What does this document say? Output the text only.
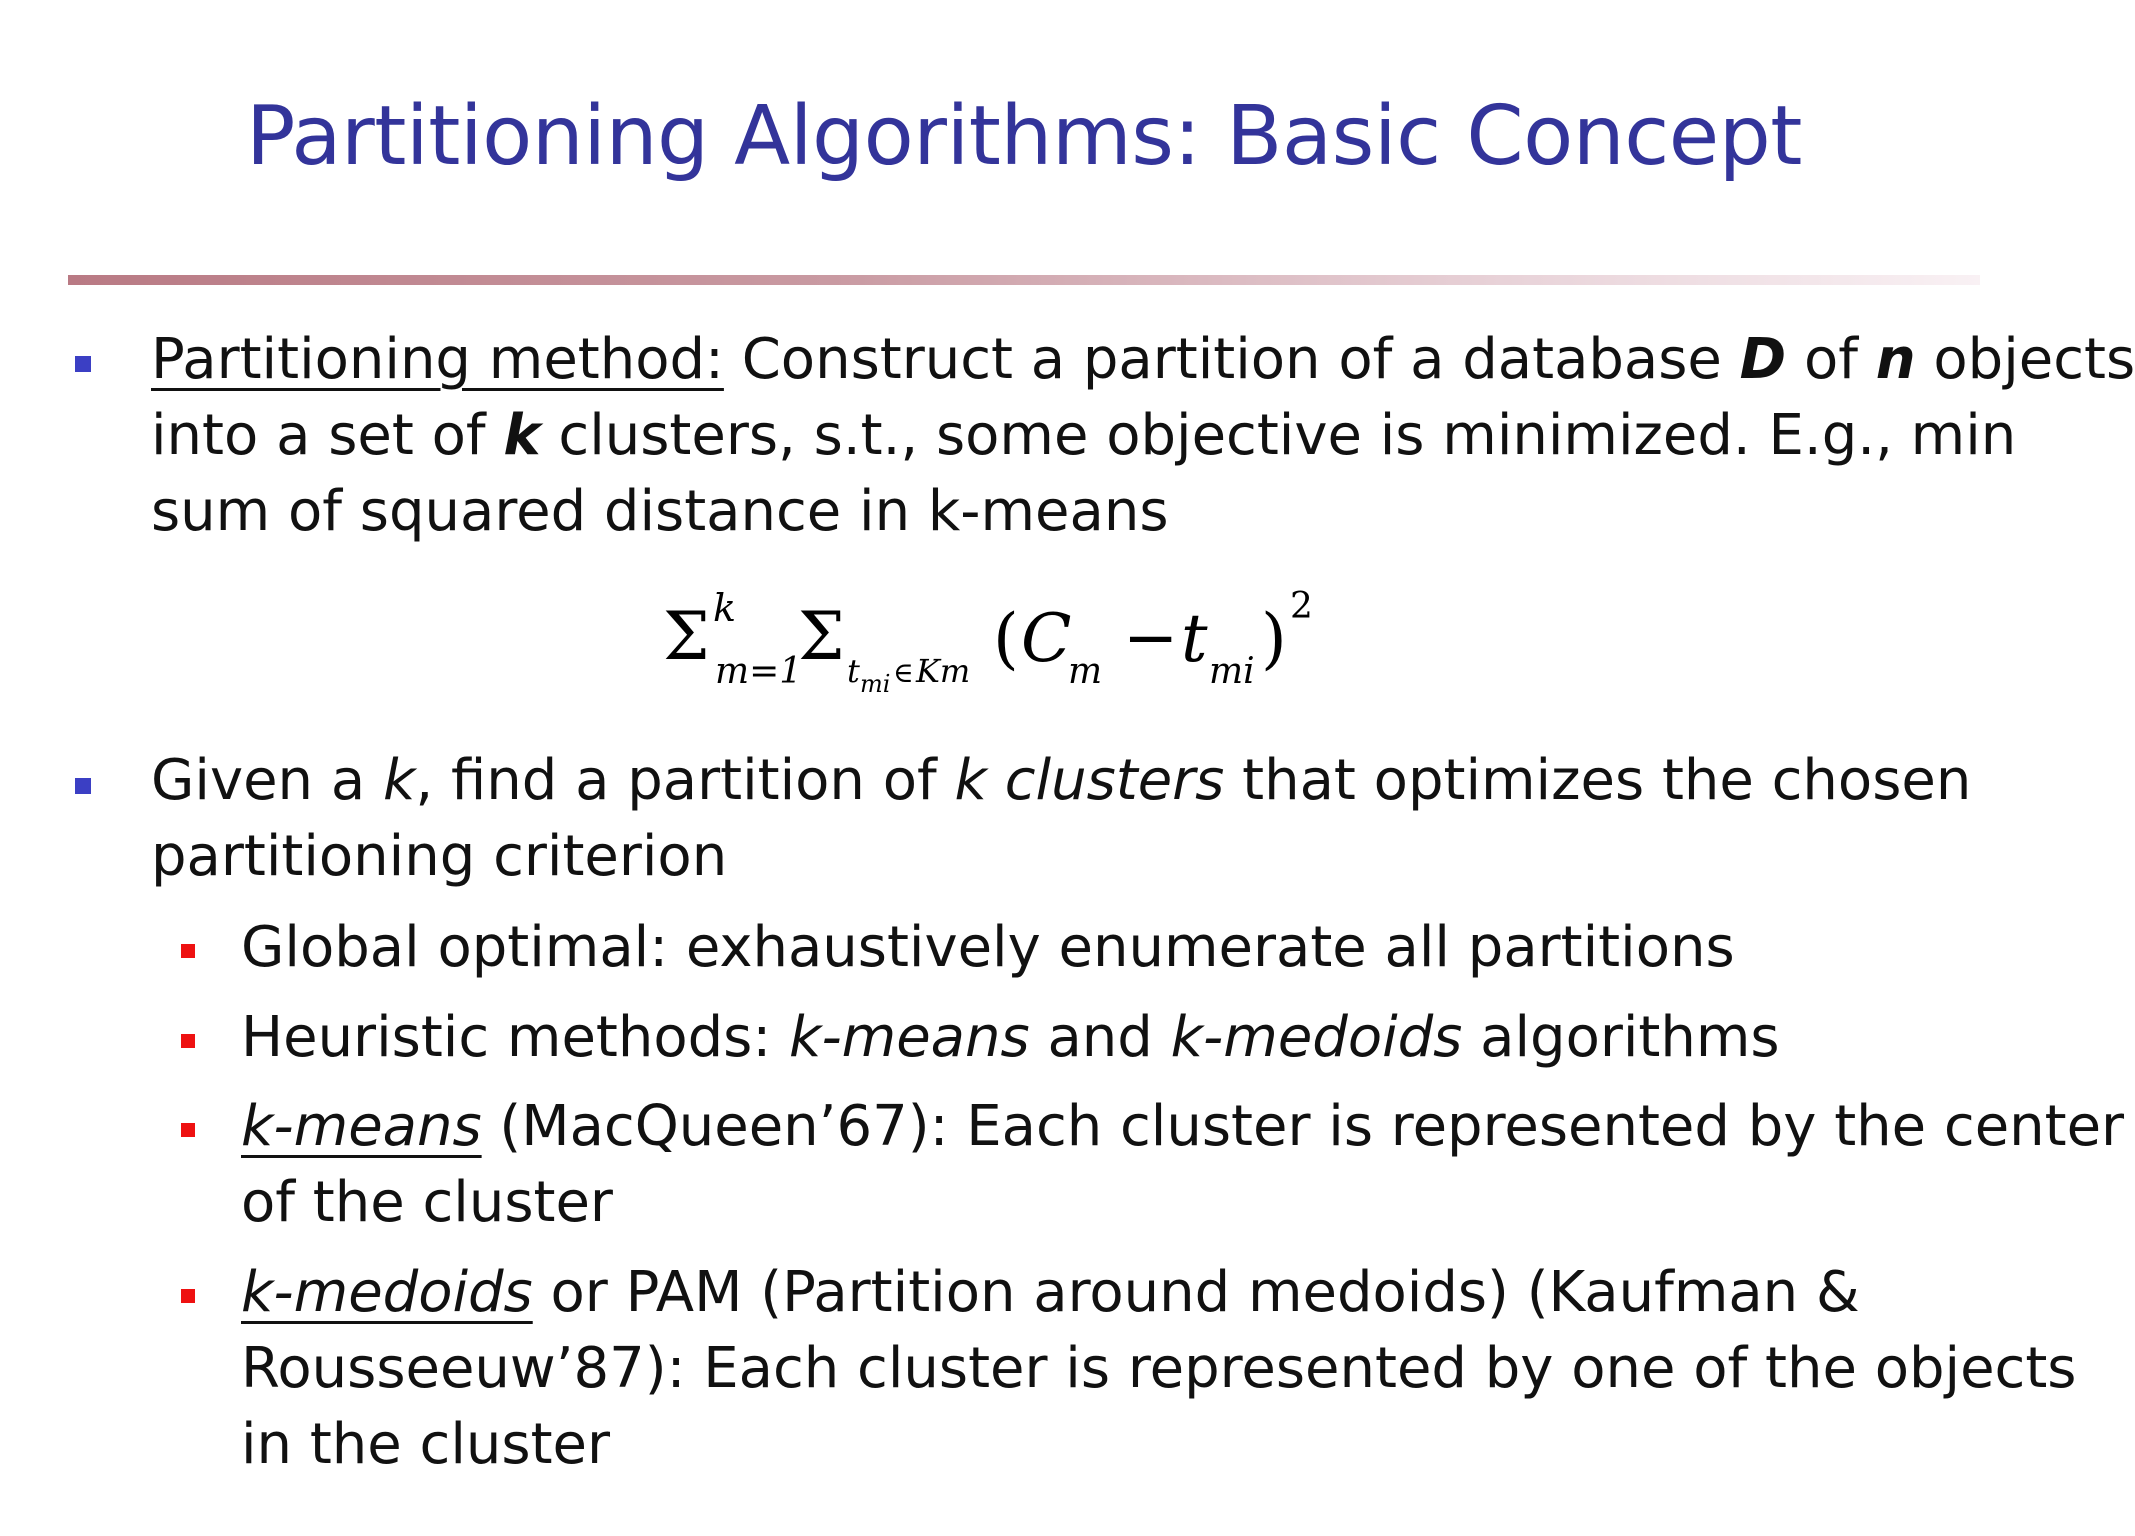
Partitioning Algorithms: Basic Concept
Partitioning method: Construct a partition of a database D of n objects
into a set of k clusters, s.t., some objective is minimized. E.g., min
sum of squared distance in k-means
Σ k
m=1
Σ t mi ∈ Km ( C
m − t mi ) 2
Given a k, find a partition of k clusters that optimizes the chosen
partitioning criterion
Global optimal: exhaustively enumerate all partitions
Heuristic methods: k-means and k-medoids algorithms
k-means (MacQueen’67): Each cluster is represented by the center
of the cluster
k-medoids or PAM (Partition around medoids) (Kaufman &
Rousseeuw’87): Each cluster is represented by one of the objects
in the cluster
